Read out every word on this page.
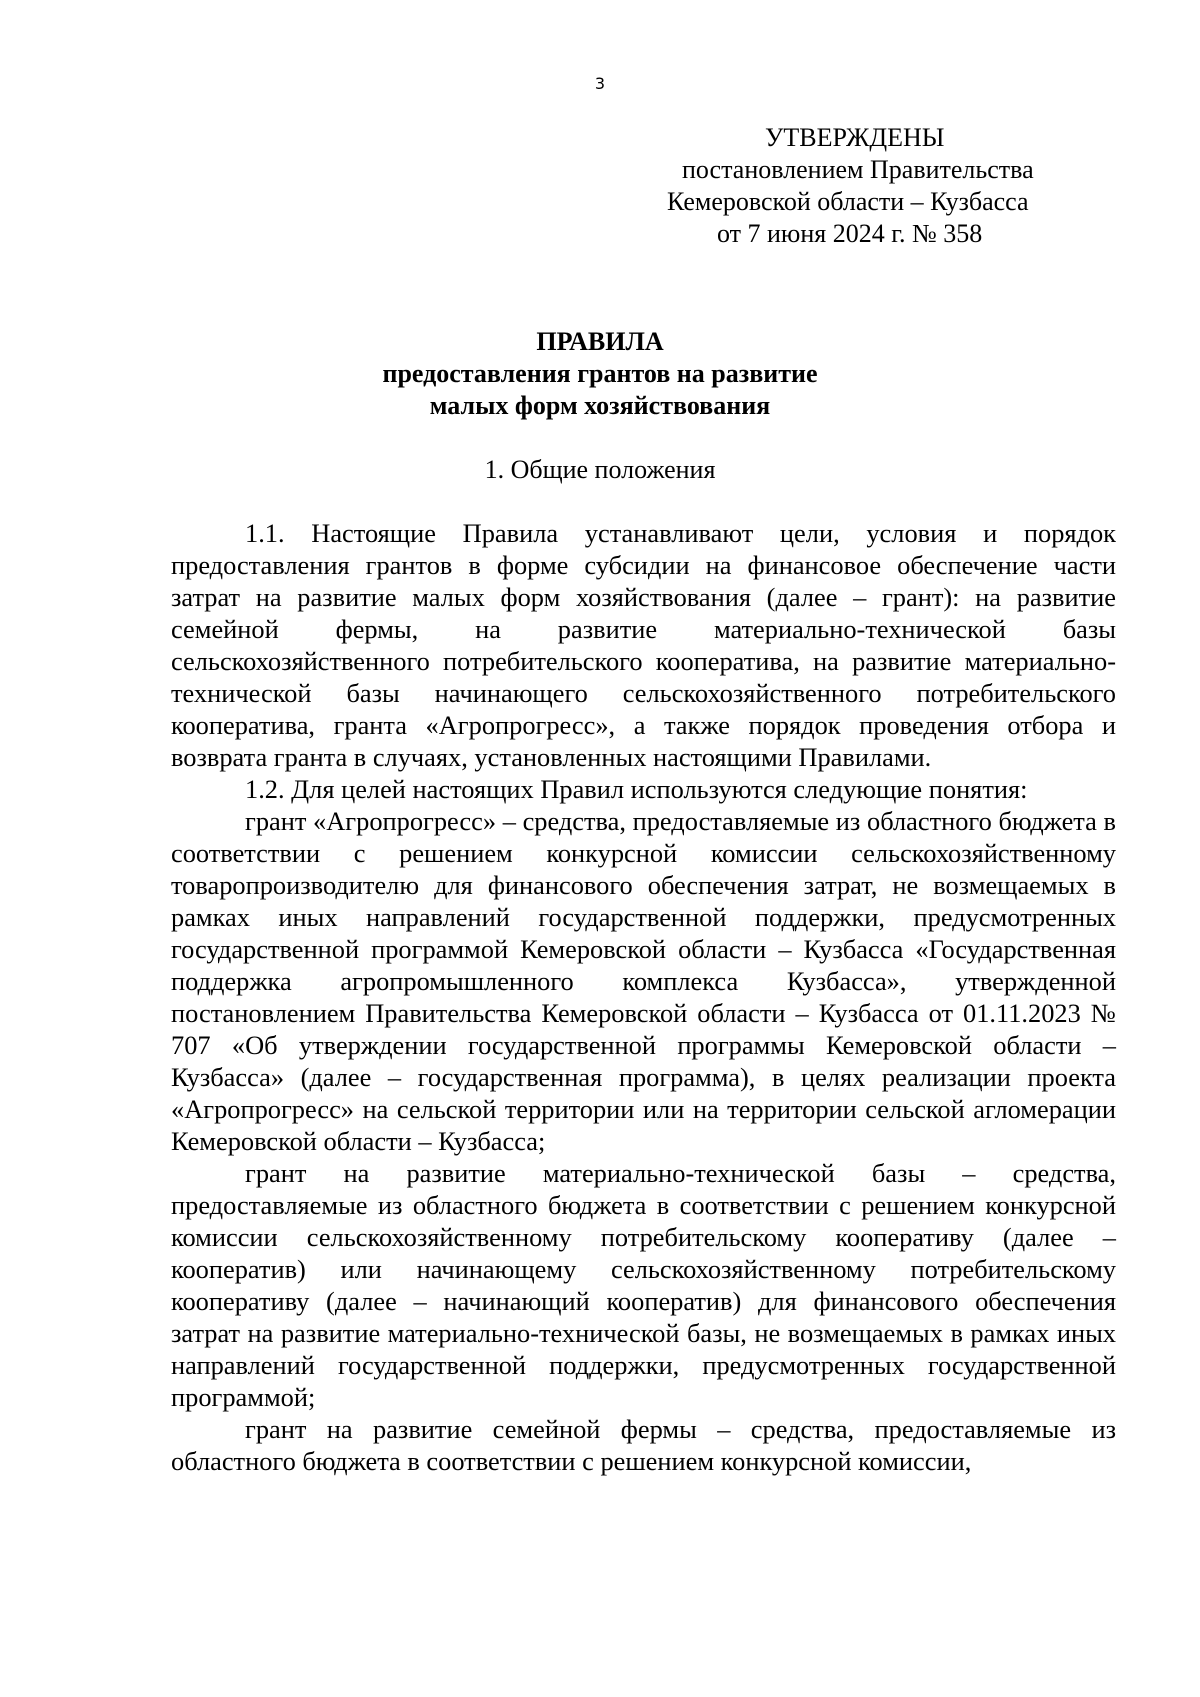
3
УТВЕРЖДЕНЫ
постановлением Правительства
Кемеровской области – Кузбасса
от 7 июня 2024 г. № 358
ПРАВИЛА
предоставления грантов на развитие
малых форм хозяйствования
1. Общие положения

1.1. Настоящие Правила устанавливают цели, условия и порядок предоставления грантов в форме субсидии на финансовое обеспечение части затрат на развитие малых форм хозяйствования (далее – грант): на развитие семейной фермы, на развитие материально-технической базы сельскохозяйственного потребительского кооператива, на развитие материально-технической базы начинающего сельскохозяйственного потребительского кооператива, гранта «Агропрогресс», а также порядок проведения отбора и возврата гранта в случаях, установленных настоящими Правилами.

1.2. Для целей настоящих Правил используются следующие понятия:

грант «Агропрогресс» – средства, предоставляемые из областного бюджета в соответствии с решением конкурсной комиссии сельскохозяйственному товаропроизводителю для финансового обеспечения затрат, не возмещаемых в рамках иных направлений государственной поддержки, предусмотренных государственной программой Кемеровской области – Кузбасса «Государственная поддержка агропромышленного комплекса Кузбасса», утвержденной постановлением Правительства Кемеровской области – Кузбасса от 01.11.2023 № 707 «Об утверждении государственной программы Кемеровской области – Кузбасса» (далее – государственная программа), в целях реализации проекта «Агропрогресс» на сельской территории или на территории сельской агломерации Кемеровской области – Кузбасса;

грант на развитие материально-технической базы – средства, предоставляемые из областного бюджета в соответствии с решением конкурсной комиссии сельскохозяйственному потребительскому кооперативу (далее – кооператив) или начинающему сельскохозяйственному потребительскому кооперативу (далее – начинающий кооператив) для финансового обеспечения затрат на развитие материально-технической базы, не возмещаемых в рамках иных направлений государственной поддержки, предусмотренных государственной программой;

грант на развитие семейной фермы – средства, предоставляемые из областного бюджета в соответствии с решением конкурсной комиссии,
